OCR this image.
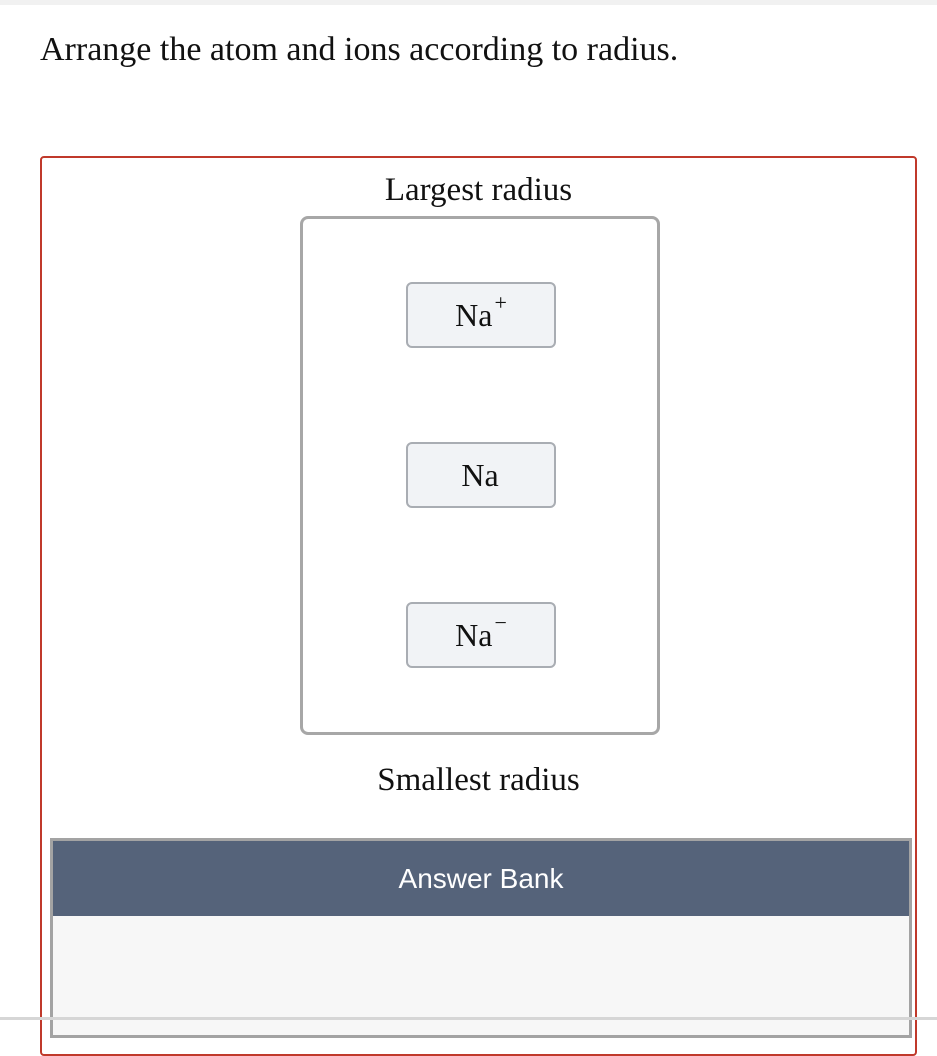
Arrange the atom and ions according to radius.
Largest radius
Na+
Na
Na−
Smallest radius
Answer Bank
